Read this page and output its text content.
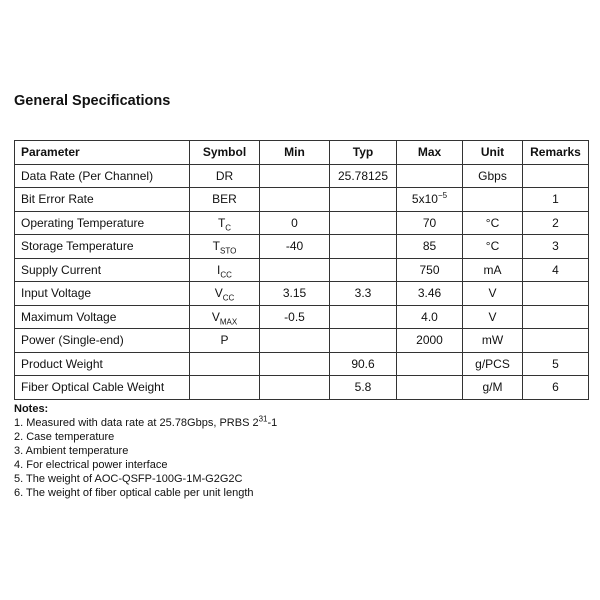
General Specifications
Parameter	Symbol	Min	Typ	Max	Unit	Remarks
Data Rate (Per Channel)	DR		25.78125		Gbps	
Bit Error Rate	BER			$5x10^{-5}$		1
Operating Temperature	$T_C$	0		70	°C	2
Storage Temperature	$T_{STO}$	-40		85	°C	3
Supply Current	$I_{CC}$			750	mA	4
Input Voltage	$V_{CC}$	3.15	3.3	3.46	V	
Maximum Voltage	$V_{MAX}$	-0.5		4.0	V	
Power (Single-end)	P			2000	mW	
Product Weight			90.6		g/PCS	5
Fiber Optical Cable Weight			5.8		g/M	6
Notes:
1. Measured with data rate at 25.78Gbps, PRBS $2^{31}-1$
2. Case temperature
3. Ambient temperature
4. For electrical power interface
5. The weight of AOC-QSFP-100G-1M-G2G2C
6. The weight of fiber optical cable per unit length
